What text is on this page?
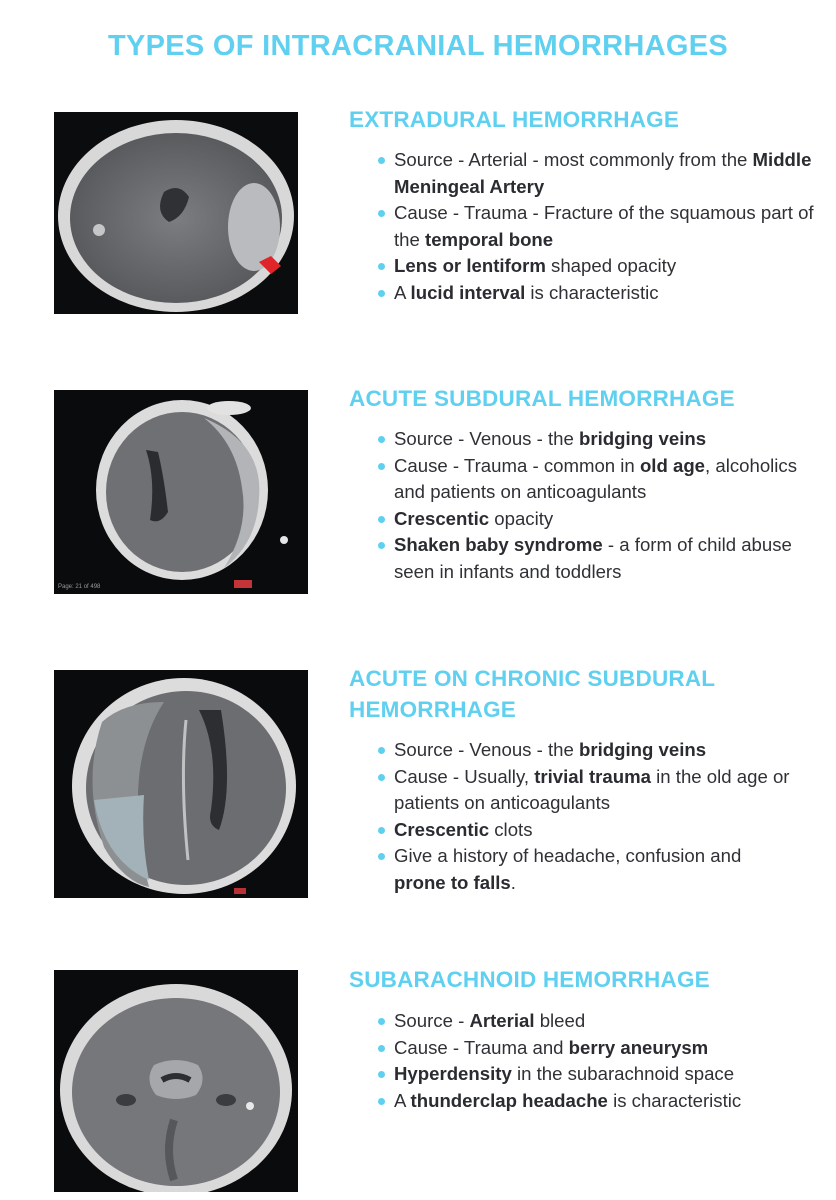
TYPES OF INTRACRANIAL HEMORRHAGES
EXTRADURAL HEMORRHAGE
Source - Arterial - most commonly from the Middle Meningeal Artery
Cause - Trauma - Fracture of the squamous part of the temporal bone
Lens or lentiform shaped opacity
A lucid interval is characteristic
Page: 21 of 498
ACUTE SUBDURAL HEMORRHAGE
Source - Venous - the bridging veins
Cause - Trauma - common in old age, alcoholics and patients on anticoagulants
Crescentic opacity
Shaken baby syndrome - a form of child abuse seen in infants and toddlers
ACUTE ON CHRONIC SUBDURAL
HEMORRHAGE
Source - Venous - the bridging veins
Cause - Usually, trivial trauma in the old age or patients on anticoagulants
Crescentic clots
Give a history of headache, confusion and prone to falls.
SUBARACHNOID HEMORRHAGE
Source - Arterial bleed
Cause - Trauma and berry aneurysm
Hyperdensity in the subarachnoid space
A thunderclap headache is characteristic
